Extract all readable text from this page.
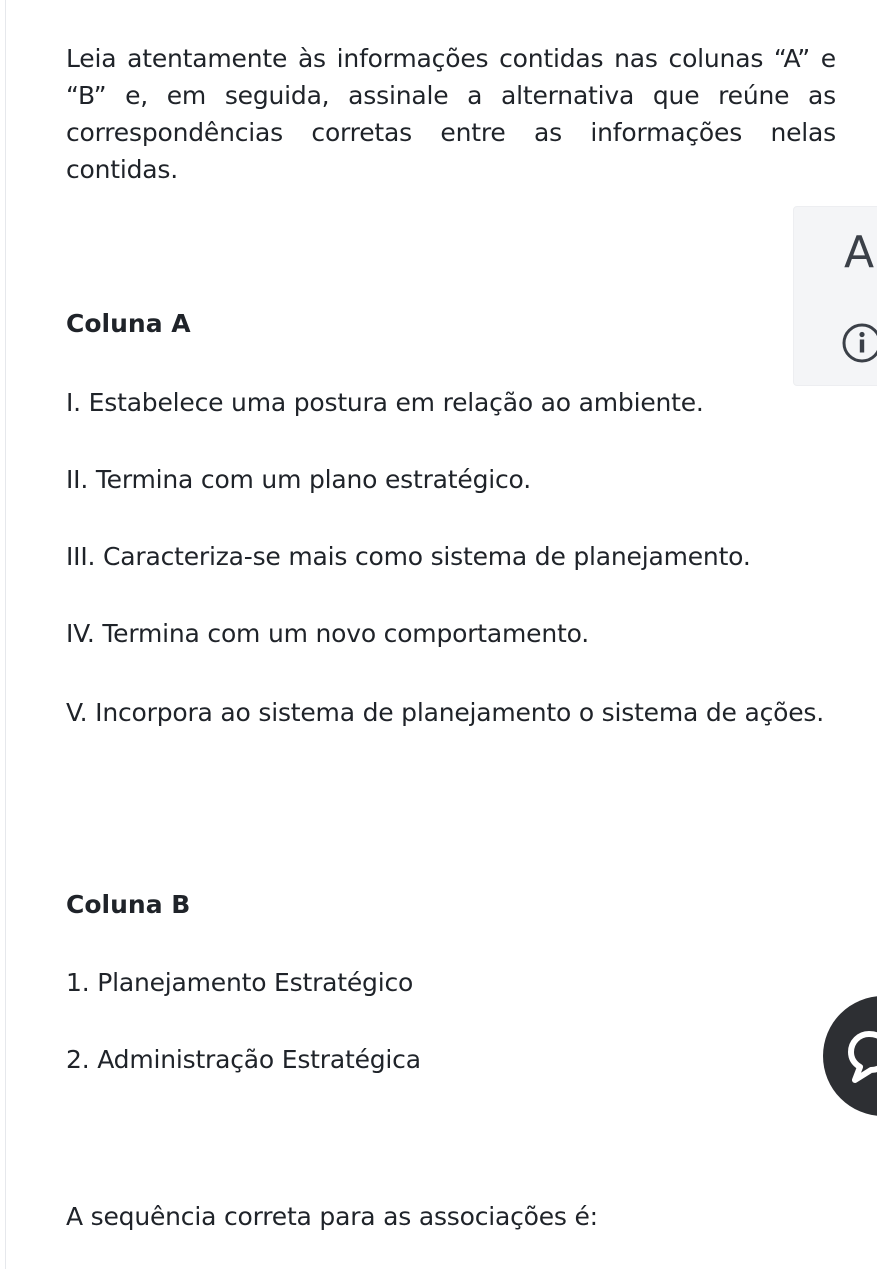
Leia atentamente às informações contidas nas colunas “A” e “B” e, em seguida, assinale a alternativa que reúne as correspondências corretas entre as informações nelas contidas.

Coluna A

I. Estabelece uma postura em relação ao ambiente.

II. Termina com um plano estratégico.

III. Caracteriza-se mais como sistema de planejamento.

IV. Termina com um novo comportamento.

V. Incorpora ao sistema de planejamento o sistema de ações.

Coluna B

1. Planejamento Estratégico

2. Administração Estratégica

A sequência correta para as associações é:

A
